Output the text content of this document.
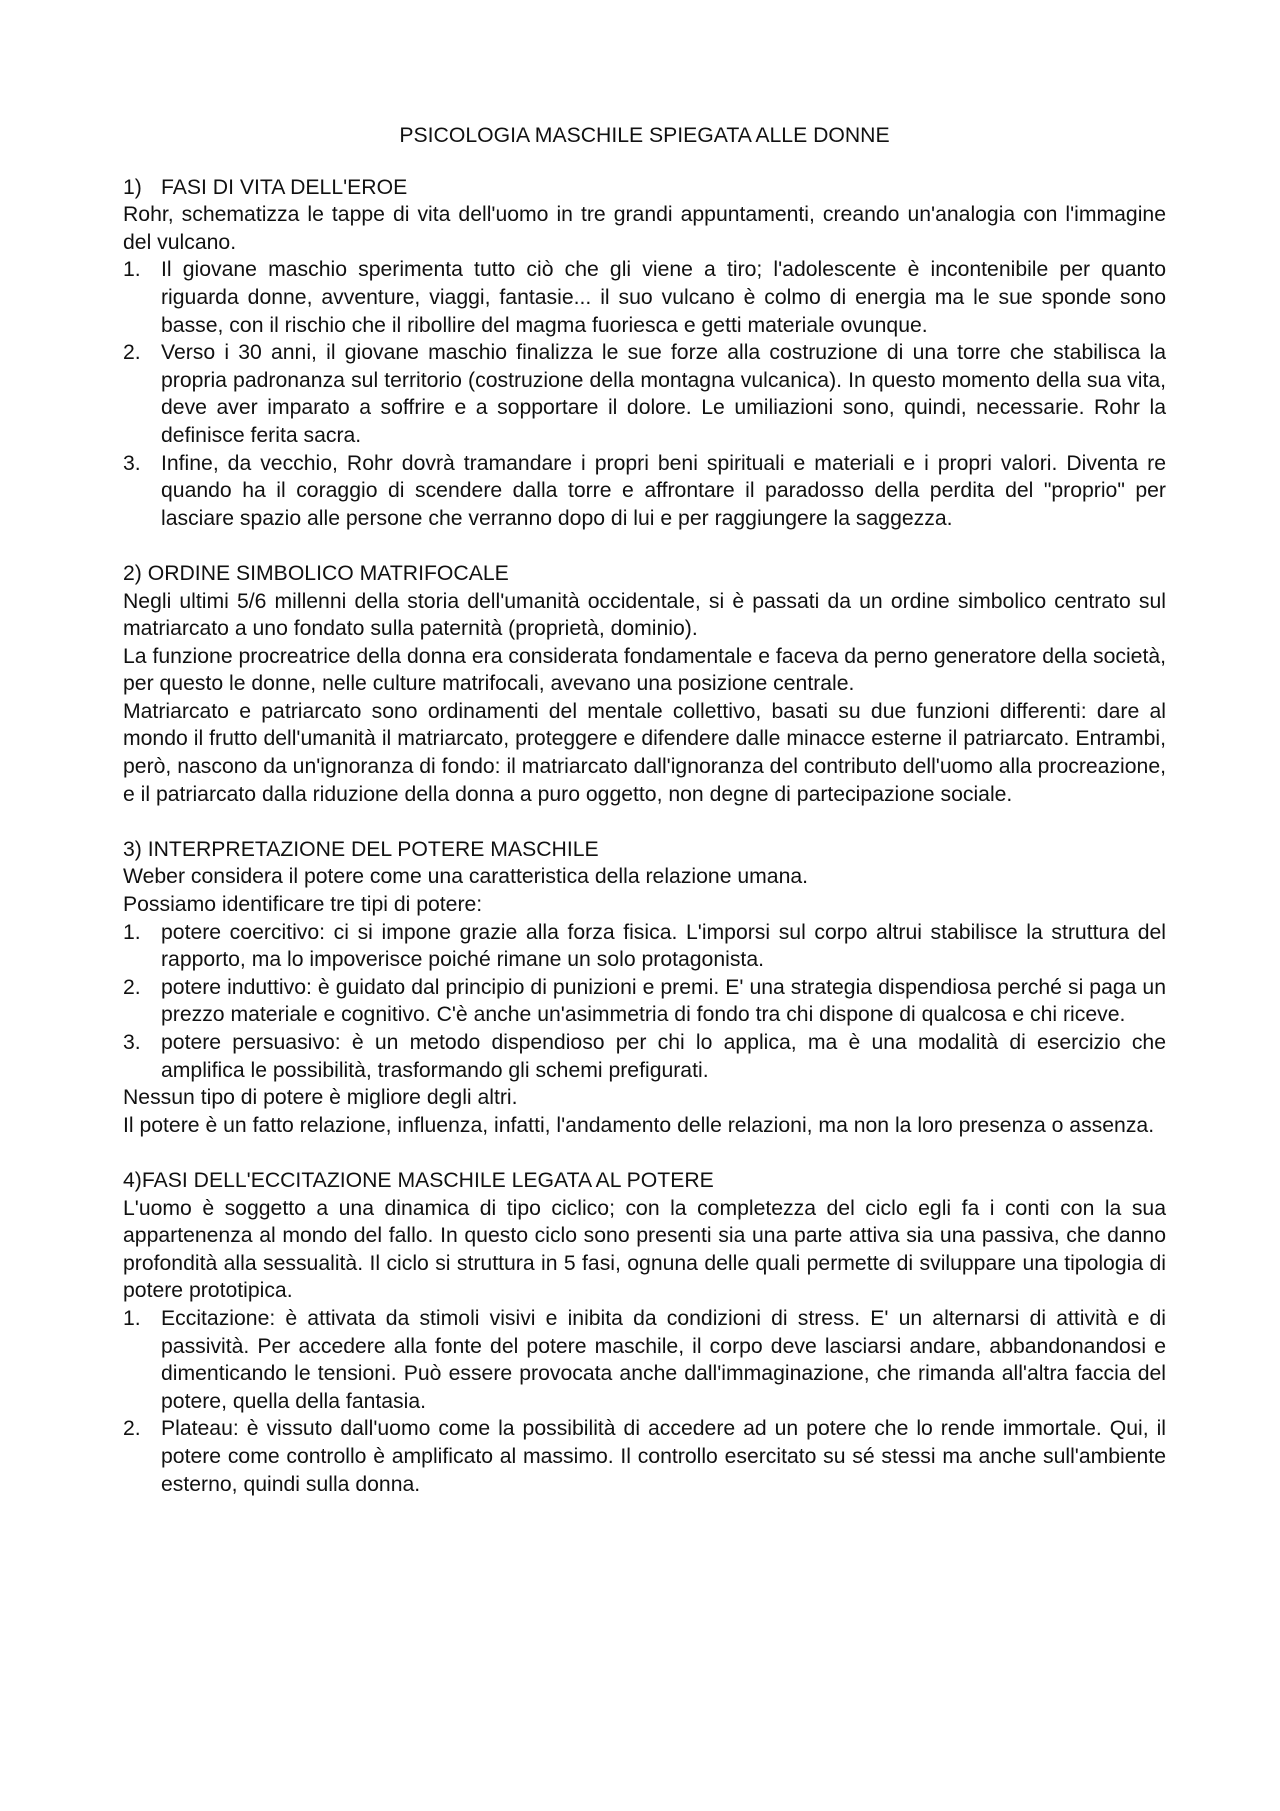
PSICOLOGIA MASCHILE SPIEGATA ALLE DONNE
1) FASI DI VITA DELL'EROE

Rohr, schematizza le tappe di vita dell'uomo in tre grandi appuntamenti, creando un'analogia con l'immagine del vulcano.

1. Il giovane maschio sperimenta tutto ciò che gli viene a tiro; l'adolescente è incontenibile per quanto riguarda donne, avventure, viaggi, fantasie... il suo vulcano è colmo di energia ma le sue sponde sono basse, con il rischio che il ribollire del magma fuoriesca e getti materiale ovunque.
2. Verso i 30 anni, il giovane maschio finalizza le sue forze alla costruzione di una torre che stabilisca la propria padronanza sul territorio (costruzione della montagna vulcanica). In questo momento della sua vita, deve aver imparato a soffrire e a sopportare il dolore. Le umiliazioni sono, quindi, necessarie. Rohr la definisce ferita sacra.
3. Infine, da vecchio, Rohr dovrà tramandare i propri beni spirituali e materiali e i propri valori. Diventa re quando ha il coraggio di scendere dalla torre e affrontare il paradosso della perdita del "proprio" per lasciare spazio alle persone che verranno dopo di lui e per raggiungere la saggezza.
2) ORDINE SIMBOLICO MATRIFOCALE

Negli ultimi 5/6 millenni della storia dell'umanità occidentale, si è passati da un ordine simbolico centrato sul matriarcato a uno fondato sulla paternità (proprietà, dominio).

La funzione procreatrice della donna era considerata fondamentale e faceva da perno generatore della società, per questo le donne, nelle culture matrifocali, avevano una posizione centrale.

Matriarcato e patriarcato sono ordinamenti del mentale collettivo, basati su due funzioni differenti: dare al mondo il frutto dell'umanità il matriarcato, proteggere e difendere dalle minacce esterne il patriarcato. Entrambi, però, nascono da un'ignoranza di fondo: il matriarcato dall'ignoranza del contributo dell'uomo alla procreazione, e il patriarcato dalla riduzione della donna a puro oggetto, non degne di partecipazione sociale.

3) INTERPRETAZIONE DEL POTERE MASCHILE

Weber considera il potere come una caratteristica della relazione umana.

Possiamo identificare tre tipi di potere:

1. potere coercitivo: ci si impone grazie alla forza fisica. L'imporsi sul corpo altrui stabilisce la struttura del rapporto, ma lo impoverisce poiché rimane un solo protagonista.
2. potere induttivo: è guidato dal principio di punizioni e premi. E' una strategia dispendiosa perché si paga un prezzo materiale e cognitivo. C'è anche un'asimmetria di fondo tra chi dispone di qualcosa e chi riceve.
3. potere persuasivo: è un metodo dispendioso per chi lo applica, ma è una modalità di esercizio che amplifica le possibilità, trasformando gli schemi prefigurati.

Nessun tipo di potere è migliore degli altri.

Il potere è un fatto relazione, influenza, infatti, l'andamento delle relazioni, ma non la loro presenza o assenza.

4)FASI DELL'ECCITAZIONE MASCHILE LEGATA AL POTERE

L'uomo è soggetto a una dinamica di tipo ciclico; con la completezza del ciclo egli fa i conti con la sua appartenenza al mondo del fallo. In questo ciclo sono presenti sia una parte attiva sia una passiva, che danno profondità alla sessualità. Il ciclo si struttura in 5 fasi, ognuna delle quali permette di sviluppare una tipologia di potere prototipica.

1. Eccitazione: è attivata da stimoli visivi e inibita da condizioni di stress. E' un alternarsi di attività e di passività. Per accedere alla fonte del potere maschile, il corpo deve lasciarsi andare, abbandonandosi e dimenticando le tensioni. Può essere provocata anche dall'immaginazione, che rimanda all'altra faccia del potere, quella della fantasia.
2. Plateau: è vissuto dall'uomo come la possibilità di accedere ad un potere che lo rende immortale. Qui, il potere come controllo è amplificato al massimo. Il controllo esercitato su sé stessi ma anche sull'ambiente esterno, quindi sulla donna.
